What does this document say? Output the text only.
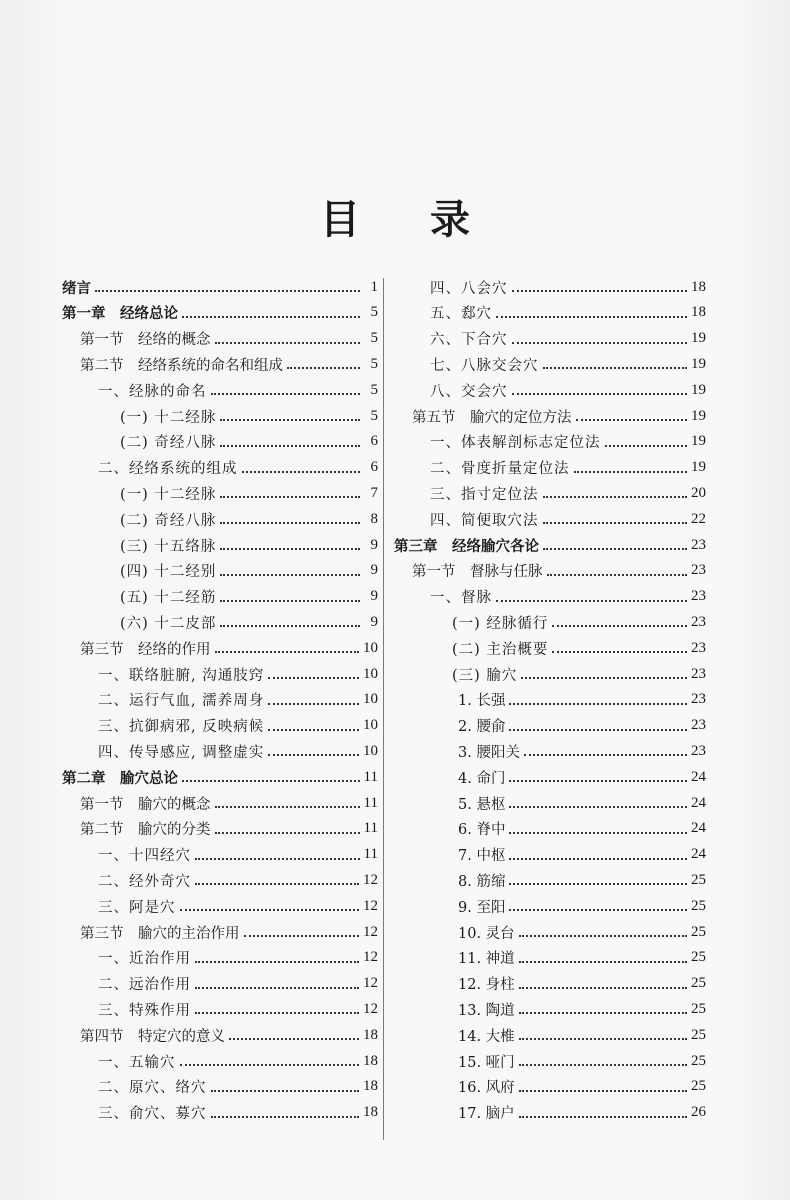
目 录
绪言	1
第一章　经络总论	5
第一节　经络的概念	5
第二节　经络系统的命名和组成	5
一、经脉的命名	5
(一) 十二经脉	5
(二) 奇经八脉	6
二、经络系统的组成	6
(一) 十二经脉	7
(二) 奇经八脉	8
(三) 十五络脉	9
(四) 十二经别	9
(五) 十二经筋	9
(六) 十二皮部	9
第三节　经络的作用	10
一、联络脏腑, 沟通肢窍	10
二、运行气血, 濡养周身	10
三、抗御病邪, 反映病候	10
四、传导感应, 调整虚实	10
第二章　腧穴总论	11
第一节　腧穴的概念	11
第二节　腧穴的分类	11
一、十四经穴	11
二、经外奇穴	12
三、阿是穴	12
第三节　腧穴的主治作用	12
一、近治作用	12
二、远治作用	12
三、特殊作用	12
第四节　特定穴的意义	18
一、五输穴	18
二、原穴、络穴	18
三、俞穴、募穴	18
四、八会穴	18
五、郄穴	18
六、下合穴	19
七、八脉交会穴	19
八、交会穴	19
第五节　腧穴的定位方法	19
一、体表解剖标志定位法	19
二、骨度折量定位法	19
三、指寸定位法	20
四、简便取穴法	22
第三章　经络腧穴各论	23
第一节　督脉与任脉	23
一、督脉	23
(一) 经脉循行	23
(二) 主治概要	23
(三) 腧穴	23
1. 长强	23
2. 腰俞	23
3. 腰阳关	23
4. 命门	24
5. 悬枢	24
6. 脊中	24
7. 中枢	24
8. 筋缩	25
9. 至阳	25
10. 灵台	25
11. 神道	25
12. 身柱	25
13. 陶道	25
14. 大椎	25
15. 哑门	25
16. 风府	25
17. 脑户	26
